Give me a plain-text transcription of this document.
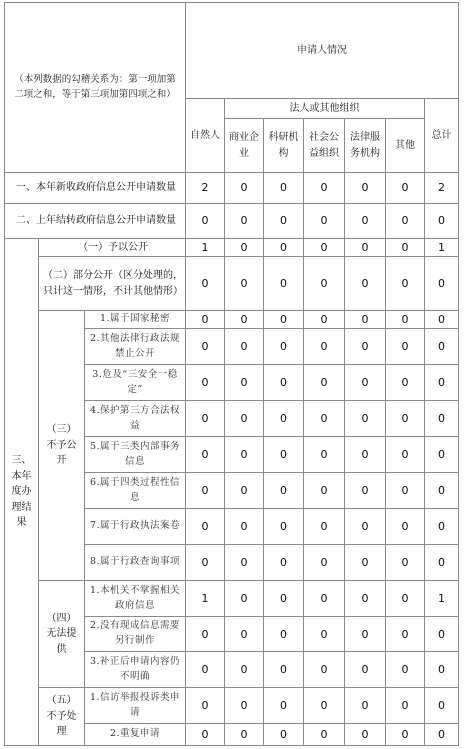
（本列数据的勾稽关系为：第一项加第二项之和，等于第三项加第四项之和）			申请人情况						
			自然人	法人或其他组织					总计
				商业企业	科研机构	社会公益组织	法律服务机构	其他	
一、本年新收政府信息公开申请数量			2	0	0	0	0	0	2
二、上年结转政府信息公开申请数量			0	0	0	0	0	0	0
三、本年度办理结果	（一）予以公开		1	0	0	0	0	0	1
	（二）部分公开（区分处理的，只计这一情形，不计其他情形）		0	0	0	0	0	0	0
	（三）不予公开	1.属于国家秘密	0	0	0	0	0	0	0
		2.其他法律行政法规禁止公开	0	0	0	0	0	0	0
		3.危及“三安全一稳定”	0	0	0	0	0	0	0
		4.保护第三方合法权益	0	0	0	0	0	0	0
		5.属于三类内部事务信息	0	0	0	0	0	0	0
		6.属于四类过程性信息	0	0	0	0	0	0	0
		7.属于行政执法案卷	0	0	0	0	0	0	0
		8.属于行政查询事项	0	0	0	0	0	0	0
	（四）无法提供	1.本机关不掌握相关政府信息	1	0	0	0	0	0	1
		2.没有现成信息需要另行制作	0	0	0	0	0	0	0
		3.补正后申请内容仍不明确	0	0	0	0	0	0	0
	（五）不予处理	1.信访举报投诉类申请	0	0	0	0	0	0	0
		2.重复申请	0	0	0	0	0	0	0
